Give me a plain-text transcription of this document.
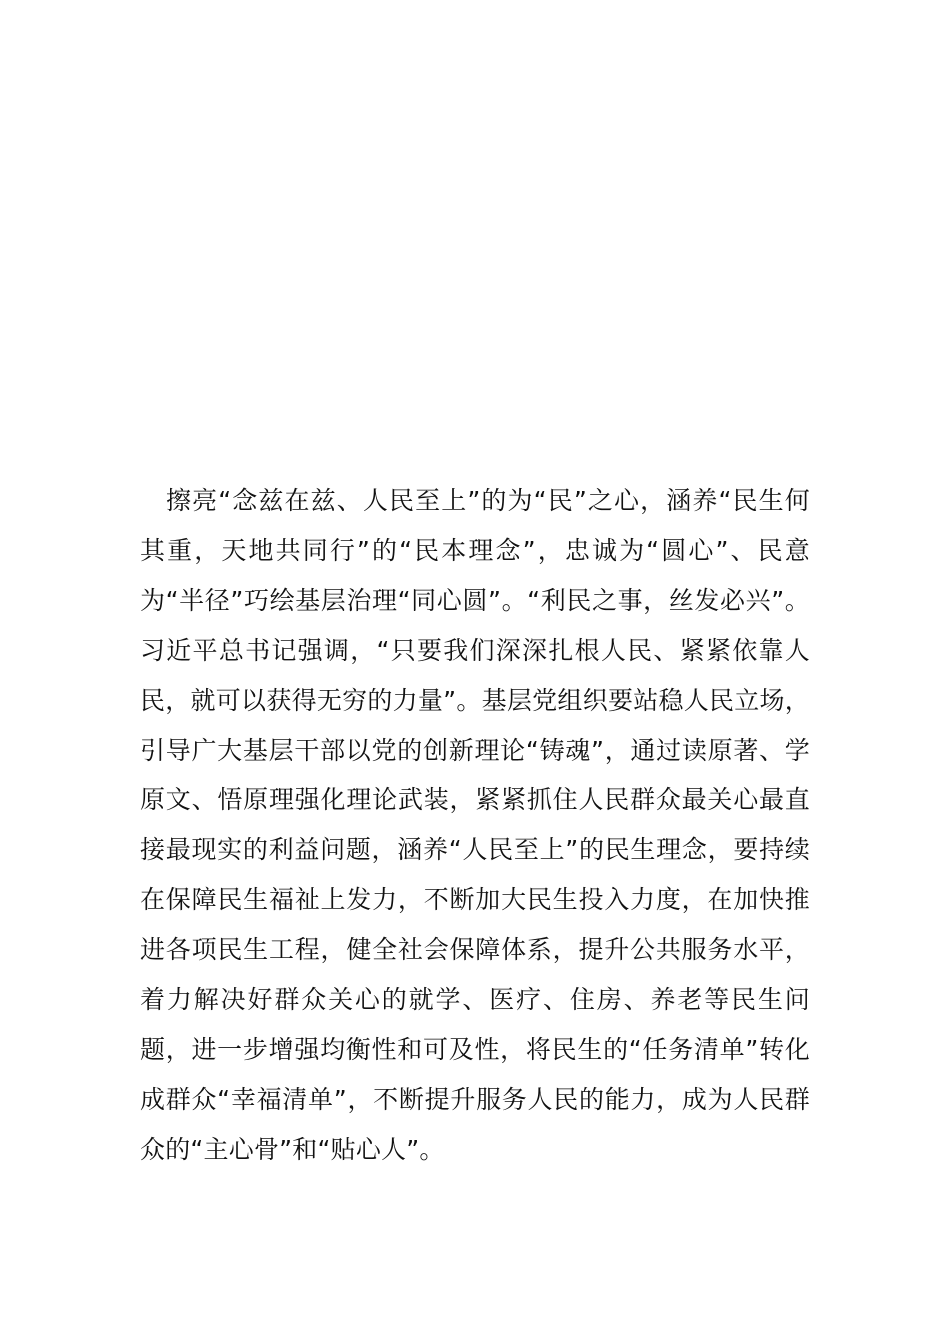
擦亮“念兹在兹、人民至上”的为“民”之心，涵养“民生何其重，天地共同行”的“民本理念”，忠诚为“圆心”、民意为“半径”巧绘基层治理“同心圆”。“利民之事，丝发必兴”。习近平总书记强调，“只要我们深深扎根人民、紧紧依靠人民，就可以获得无穷的力量”。基层党组织要站稳人民立场，引导广大基层干部以党的创新理论“铸魂”，通过读原著、学原文、悟原理强化理论武装，紧紧抓住人民群众最关心最直接最现实的利益问题，涵养“人民至上”的民生理念，要持续在保障民生福祉上发力，不断加大民生投入力度，在加快推进各项民生工程，健全社会保障体系，提升公共服务水平，着力解决好群众关心的就学、医疗、住房、养老等民生问题，进一步增强均衡性和可及性，将民生的“任务清单”转化成群众“幸福清单”，不断提升服务人民的能力，成为人民群众的“主心骨”和“贴心人”。
